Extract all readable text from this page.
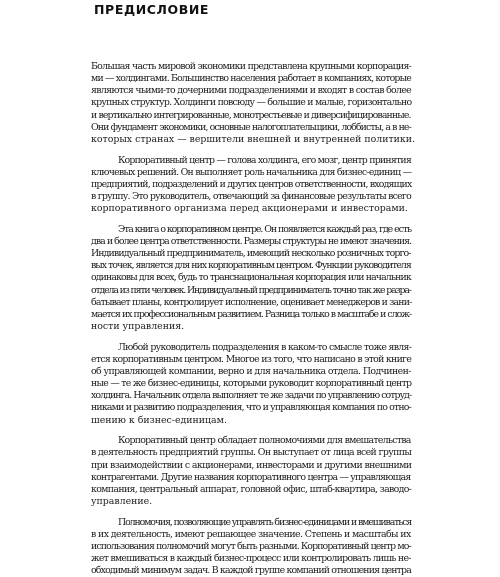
ПРЕДИСЛОВИЕ
Большая часть мировой экономики представлена крупными корпорация-
ми — холдингами. Большинство населения работает в компаниях, которые
являются чьими-то дочерними подразделениями и входят в состав более
крупных структур. Холдинги повсюду — большие и малые, горизонтально
и вертикально интегрированные, монотрестьевые и диверсифицированные.
Они фундамент экономики, основные налогоплательщики, лоббисты, а в не-
которых странах — вершители внешней и внутренней политики.
Корпоративный центр — голова холдинга, его мозг, центр принятия
ключевых решений. Он выполняет роль начальника для бизнес-единиц —
предприятий, подразделений и других центров ответственности, входящих
в группу. Это руководитель, отвечающий за финансовые результаты всего
корпоративного организма перед акционерами и инвесторами.
Эта книга о корпоративном центре. Он появляется каждый раз, где есть
два и более центра ответственности. Размеры структуры не имеют значения.
Индивидуальный предприниматель, имеющий несколько розничных торго-
вых точек, является для них корпоративным центром. Функции руководителя
одинаковы для всех, будь то транснациональная корпорация или начальник
отдела из пяти человек. Индивидуальный предприниматель точно так же разра-
батывает планы, контролирует исполнение, оценивает менеджеров и зани-
мается их профессиональным развитием. Разница только в масштабе и слож-
ности управления.
Любой руководитель подразделения в каком-то смысле тоже явля-
ется корпоративным центром. Многое из того, что написано в этой книге
об управляющей компании, верно и для начальника отдела. Подчинен-
ные — те же бизнес-единицы, которыми руководит корпоративный центр
холдинга. Начальник отдела выполняет те же задачи по управлению сотруд-
никами и развитию подразделения, что и управляющая компания по отно-
шению к бизнес-единицам.
Корпоративный центр обладает полномочиями для вмешательства
в деятельность предприятий группы. Он выступает от лица всей группы
при взаимодействии с акционерами, инвесторами и другими внешними
контрагентами. Другие названия корпоративного центра — управляющая
компания, центральный аппарат, головной офис, штаб-квартира, заводо-
управление.
Полномочия, позволяющие управлять бизнес-единицами и вмешиваться
в их деятельность, имеют решающее значение. Степень и масштабы их
использования полномочий могут быть разными. Корпоративный центр мо-
жет вмешиваться в каждый бизнес-процесс или контролировать лишь не-
обходимый минимум задач. В каждой группе компаний отношения центра
